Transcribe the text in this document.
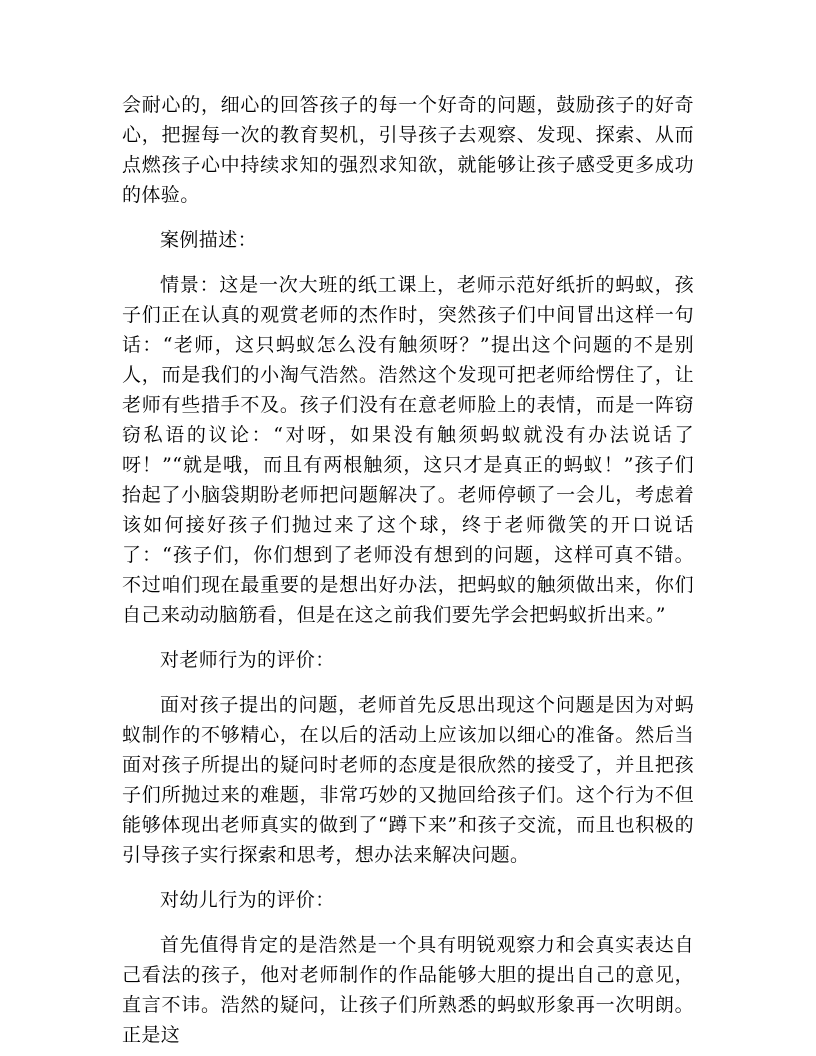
会耐心的，细心的回答孩子的每一个好奇的问题，鼓励孩子的好奇心，把握每一次的教育契机，引导孩子去观察、发现、探索、从而点燃孩子心中持续求知的强烈求知欲，就能够让孩子感受更多成功的体验。

案例描述：

情景：这是一次大班的纸工课上，老师示范好纸折的蚂蚁，孩子们正在认真的观赏老师的杰作时，突然孩子们中间冒出这样一句话：“老师，这只蚂蚁怎么没有触须呀？”提出这个问题的不是别人，而是我们的小淘气浩然。浩然这个发现可把老师给愣住了，让老师有些措手不及。孩子们没有在意老师脸上的表情，而是一阵窃窃私语的议论：“对呀，如果没有触须蚂蚁就没有办法说话了呀！”“就是哦，而且有两根触须，这只才是真正的蚂蚁！”孩子们抬起了小脑袋期盼老师把问题解决了。老师停顿了一会儿，考虑着该如何接好孩子们抛过来了这个球，终于老师微笑的开口说话了：“孩子们，你们想到了老师没有想到的问题，这样可真不错。不过咱们现在最重要的是想出好办法，把蚂蚁的触须做出来，你们自己来动动脑筋看，但是在这之前我们要先学会把蚂蚁折出来。”

对老师行为的评价：

面对孩子提出的问题，老师首先反思出现这个问题是因为对蚂蚁制作的不够精心，在以后的活动上应该加以细心的准备。然后当面对孩子所提出的疑问时老师的态度是很欣然的接受了，并且把孩子们所抛过来的难题，非常巧妙的又抛回给孩子们。这个行为不但能够体现出老师真实的做到了“蹲下来”和孩子交流，而且也积极的引导孩子实行探索和思考，想办法来解决问题。

对幼儿行为的评价：

首先值得肯定的是浩然是一个具有明锐观察力和会真实表达自己看法的孩子，他对老师制作的作品能够大胆的提出自己的意见，直言不讳。浩然的疑问，让孩子们所熟悉的蚂蚁形象再一次明朗。正是这
